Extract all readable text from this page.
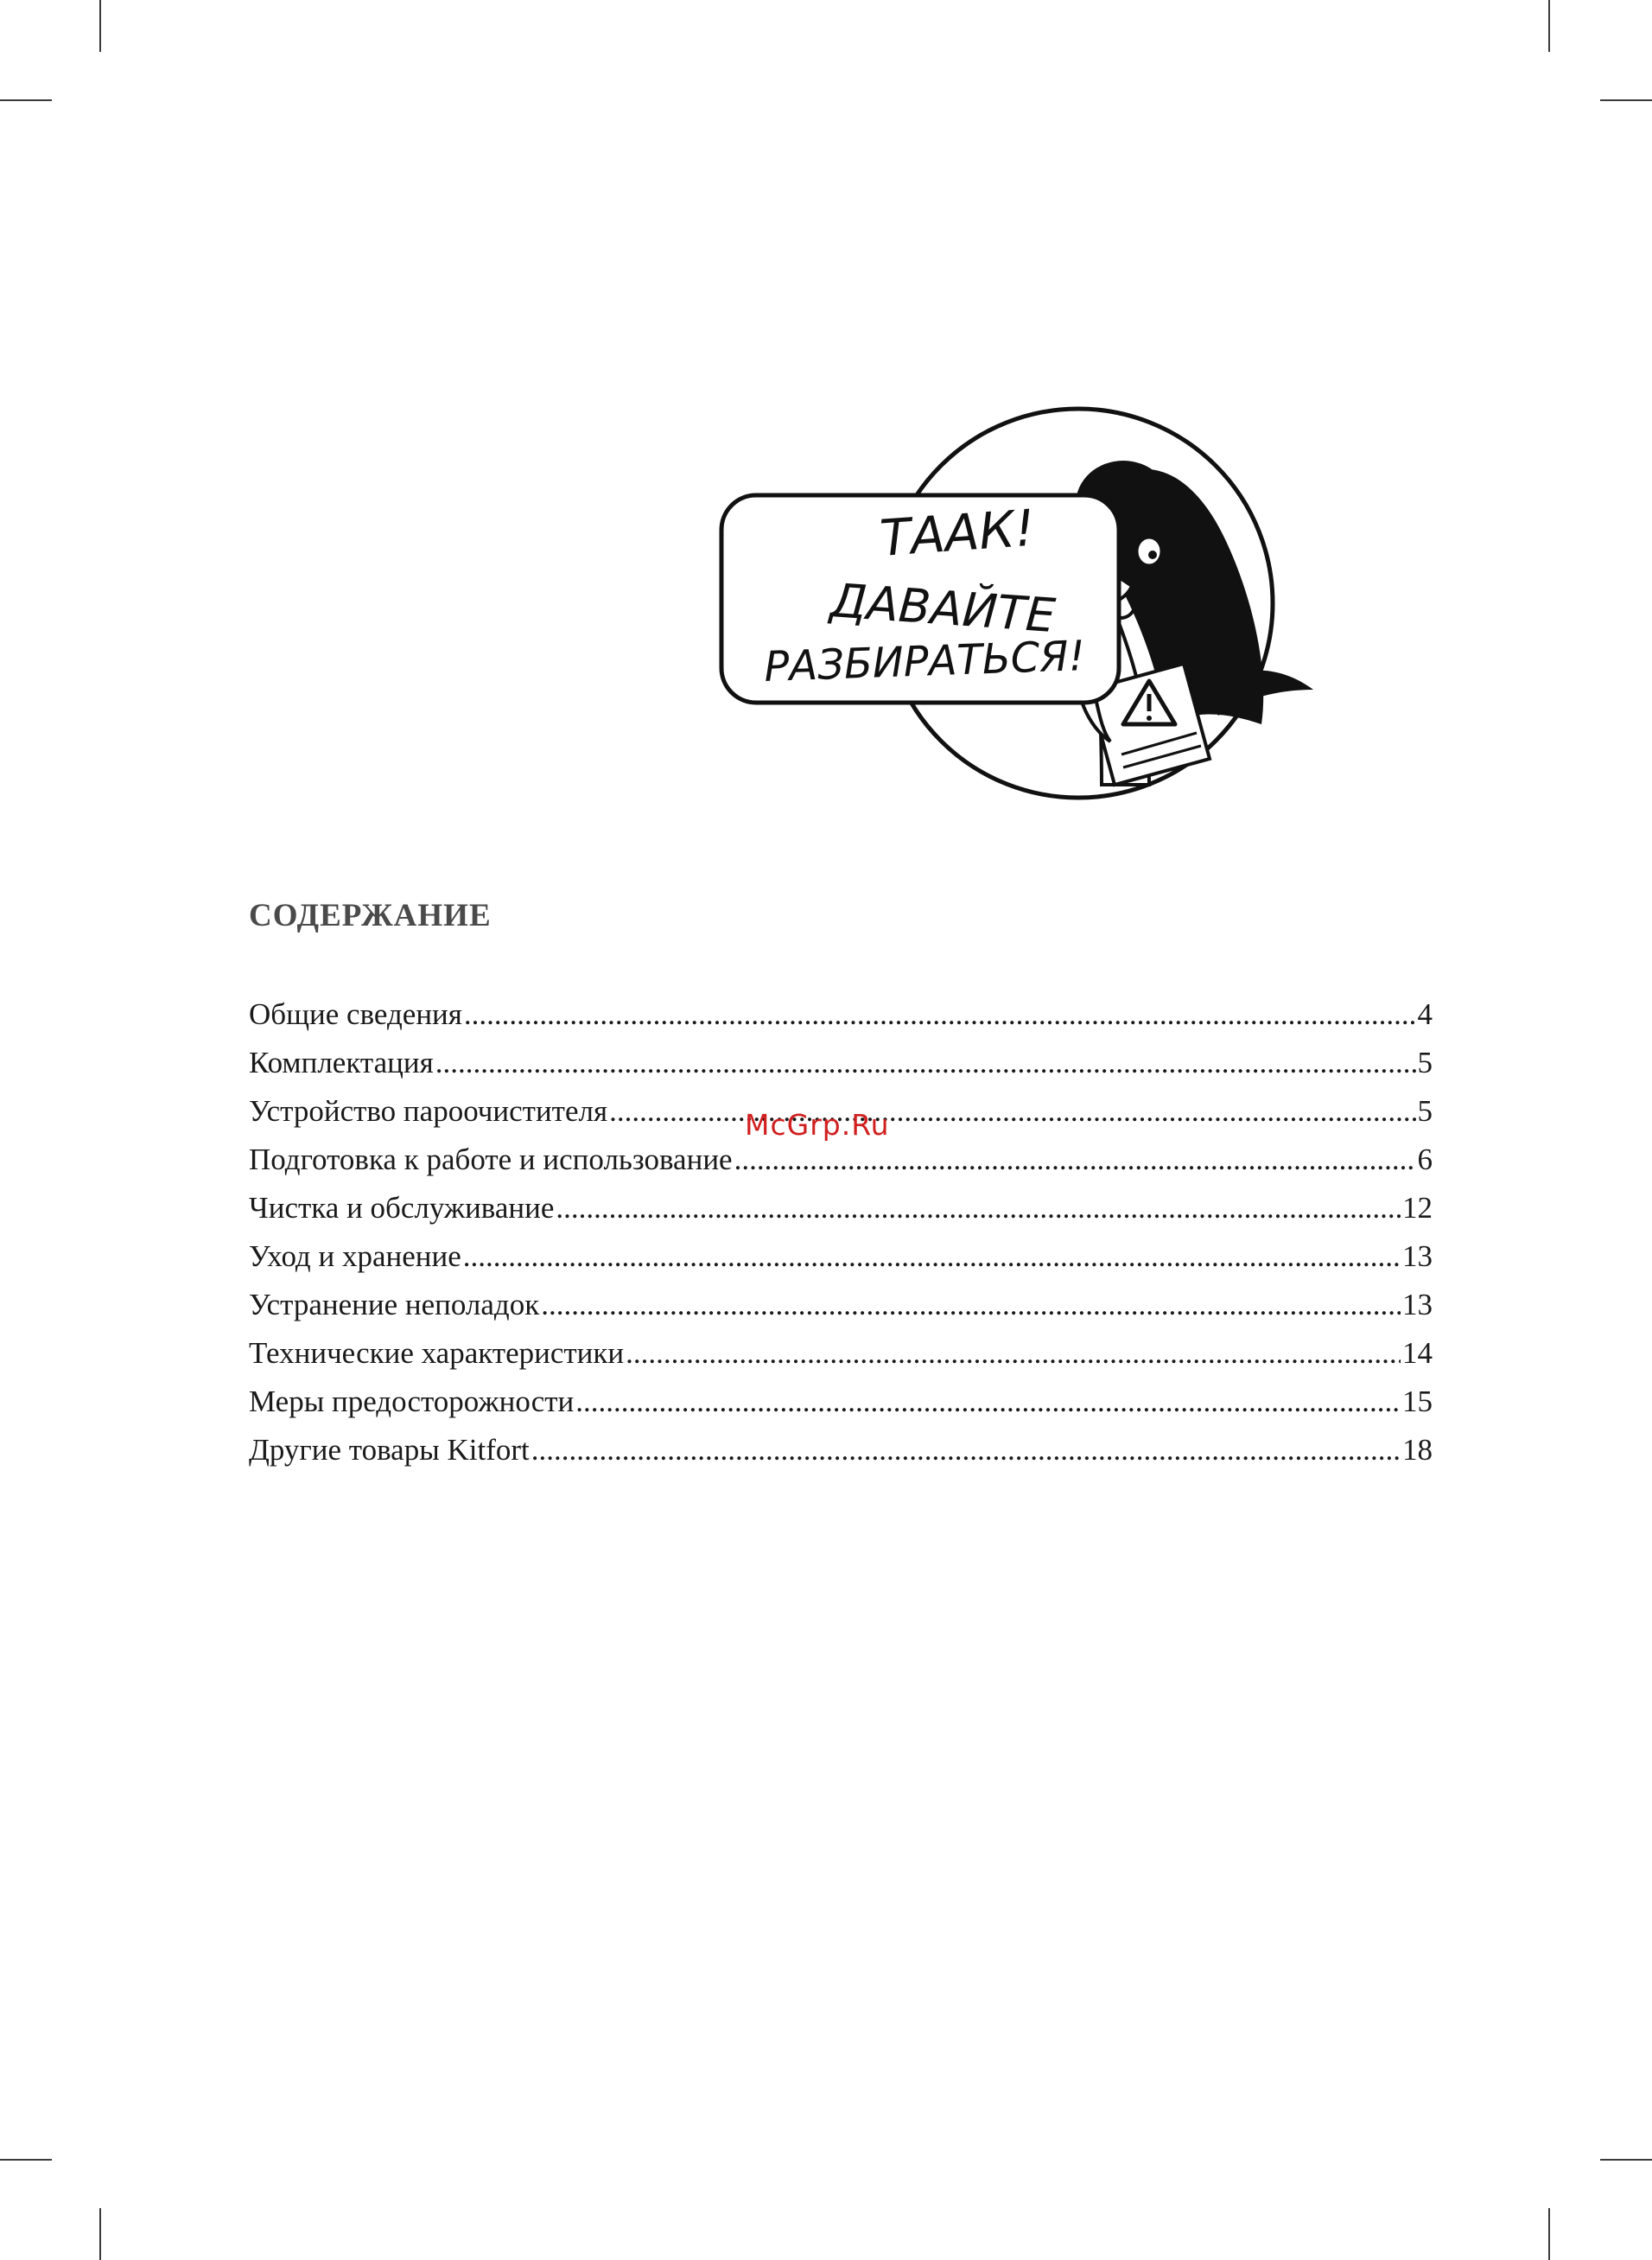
ТААК!
ДАВАЙТЕ
РАЗБИРАТЬСЯ!
СОДЕРЖАНИЕ
Общие сведения .....	4
Комплектация .....	5
Устройство пароочистителя .....	5
Подготовка к работе и использование .....	6
Чистка и обслуживание .....	12
Уход и хранение .....	13
Устранение неполадок .....	13
Технические характеристики .....	14
Меры предосторожности .....	15
Другие товары Kitfort .....	18
McGrp.Ru
